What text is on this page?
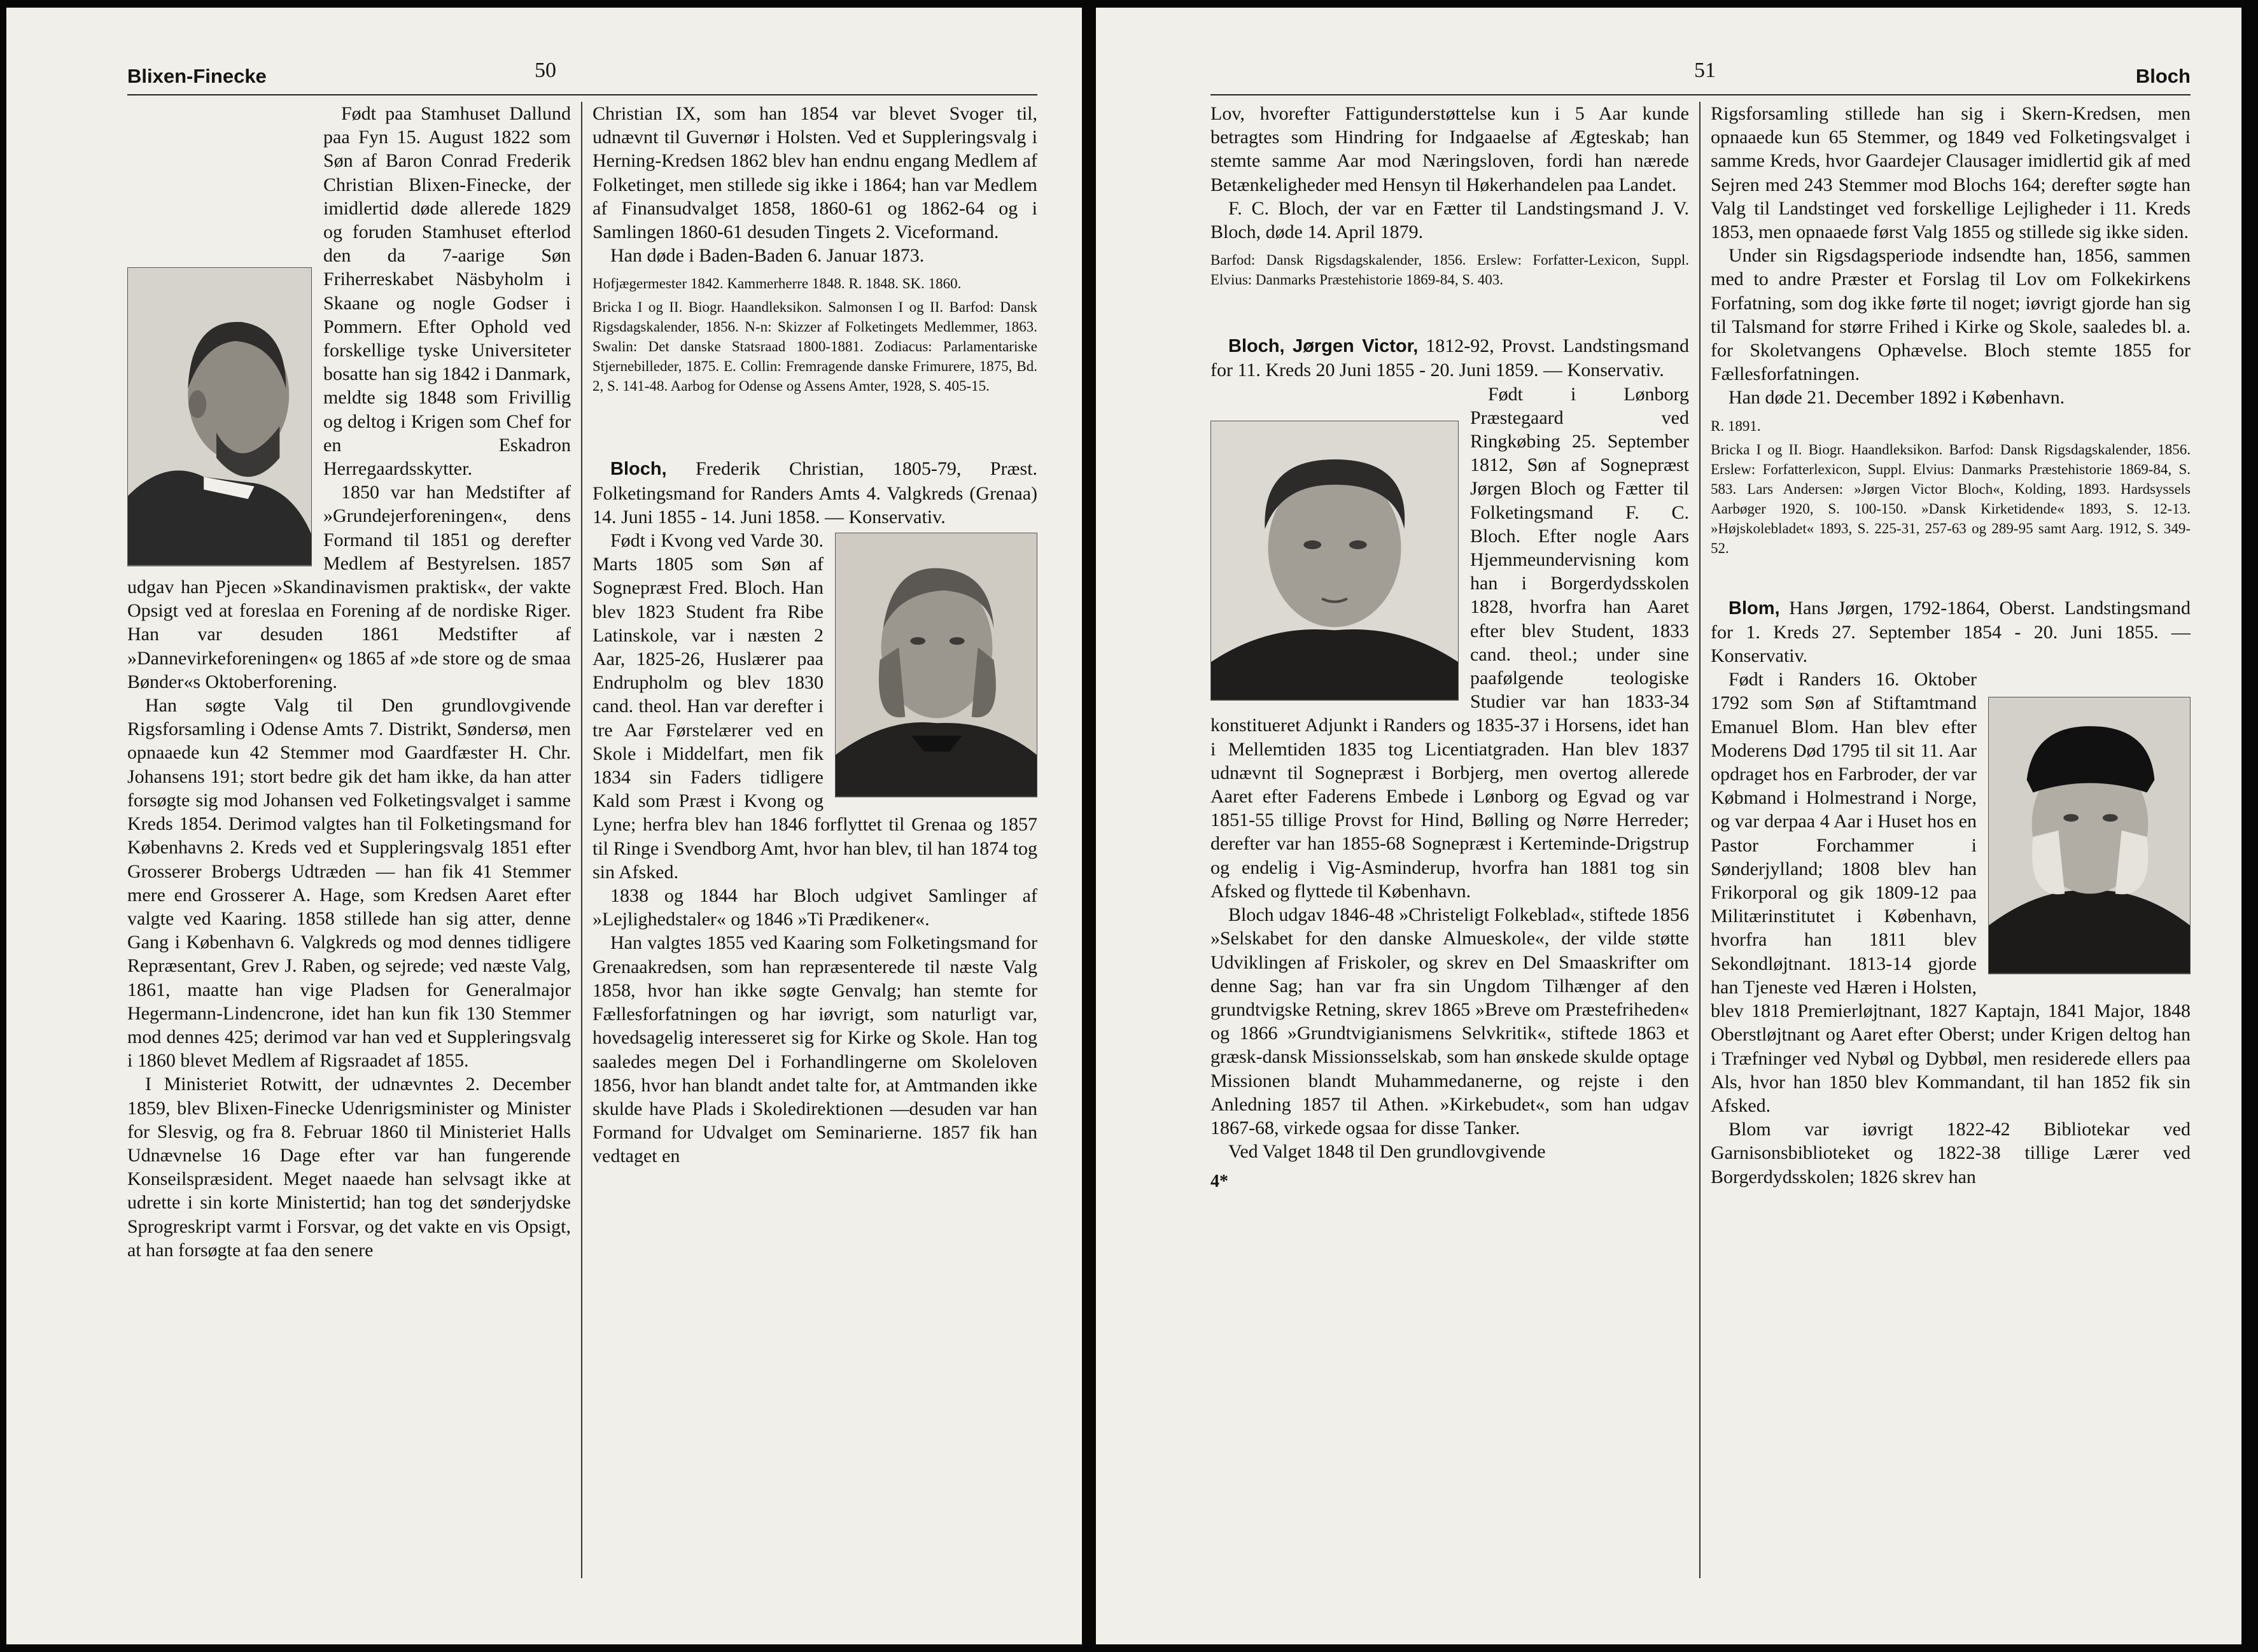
Blixen-Finecke	50

Født paa Stamhuset Dallund paa Fyn 15. August 1822 som Søn af Baron Conrad Frederik Christian Blixen-Finecke, der imidlertid døde allerede 1829 og foruden Stamhuset efterlod den da 7-aarige Søn Friherreskabet Näsbyholm i Skaane og nogle Godser i Pommern. Efter Ophold ved forskellige tyske Universiteter bosatte han sig 1842 i Danmark, meldte sig 1848 som Frivillig og deltog i Krigen som Chef for en Eskadron Herregaardsskytter.

1850 var han Medstifter af »Grundejerforeningen«, dens Formand til 1851 og derefter Medlem af Bestyrelsen. 1857 udgav han Pjecen »Skandinavismen praktisk«, der vakte Opsigt ved at foreslaa en Forening af de nordiske Riger. Han var desuden 1861 Medstifter af »Dannevirkeforeningen« og 1865 af »de store og de smaa Bønder«s Oktoberforening.

Han søgte Valg til Den grundlovgivende Rigsforsamling i Odense Amts 7. Distrikt, Søndersø, men opnaaede kun 42 Stemmer mod Gaardfæster H. Chr. Johansens 191; stort bedre gik det ham ikke, da han atter forsøgte sig mod Johansen ved Folketingsvalget i samme Kreds 1854. Derimod valgtes han til Folketingsmand for Københavns 2. Kreds ved et Suppleringsvalg 1851 efter Grosserer Brobergs Udtræden — han fik 41 Stemmer mere end Grosserer A. Hage, som Kredsen Aaret efter valgte ved Kaaring. 1858 stillede han sig atter, denne Gang i København 6. Valgkreds og mod dennes tidligere Repræsentant, Grev J. Raben, og sejrede; ved næste Valg, 1861, maatte han vige Pladsen for Generalmajor Hegermann-Lindencrone, idet han kun fik 130 Stemmer mod dennes 425; derimod var han ved et Suppleringsvalg i 1860 blevet Medlem af Rigsraadet af 1855.

I Ministeriet Rotwitt, der udnævntes 2. December 1859, blev Blixen-Finecke Udenrigsminister og Minister for Slesvig, og fra 8. Februar 1860 til Ministeriet Halls Udnævnelse 16 Dage efter var han fungerende Konseilspræsident. Meget naaede han selvsagt ikke at udrette i sin korte Ministertid; han tog det sønderjydske Sprogreskript varmt i Forsvar, og det vakte en vis Opsigt, at han forsøgte at faa den senere

Christian IX, som han 1854 var blevet Svoger til, udnævnt til Guvernør i Holsten. Ved et Suppleringsvalg i Herning-Kredsen 1862 blev han endnu engang Medlem af Folketinget, men stillede sig ikke i 1864; han var Medlem af Finansudvalget 1858, 1860-61 og 1862-64 og i Samlingen 1860-61 desuden Tingets 2. Viceformand.

Han døde i Baden-Baden 6. Januar 1873.

Hofjægermester 1842. Kammerherre 1848. R. 1848. SK. 1860.

Bricka I og II. Biogr. Haandleksikon. Salmonsen I og II. Barfod: Dansk Rigsdagskalender, 1856. N-n: Skizzer af Folketingets Medlemmer, 1863. Swalin: Det danske Statsraad 1800-1881. Zodiacus: Parlamentariske Stjernebilleder, 1875. E. Collin: Fremragende danske Frimurere, 1875, Bd. 2, S. 141-48. Aarbog for Odense og Assens Amter, 1928, S. 405-15.

Bloch, Frederik Christian, 1805-79, Præst. Folketingsmand for Randers Amts 4. Valgkreds (Grenaa) 14. Juni 1855 - 14. Juni 1858. — Konservativ.

Født i Kvong ved Varde 30. Marts 1805 som Søn af Sognepræst Fred. Bloch. Han blev 1823 Student fra Ribe Latinskole, var i næsten 2 Aar, 1825-26, Huslærer paa Endrupholm og blev 1830 cand. theol. Han var derefter i tre Aar Førstelærer ved en Skole i Middelfart, men fik 1834 sin Faders tidligere Kald som Præst i Kvong og Lyne; herfra blev han 1846 forflyttet til Grenaa og 1857 til Ringe i Svendborg Amt, hvor han blev, til han 1874 tog sin Afsked.

1838 og 1844 har Bloch udgivet Samlinger af »Lejlighedstaler« og 1846 »Ti Prædikener«.

Han valgtes 1855 ved Kaaring som Folketingsmand for Grenaakredsen, som han repræsenterede til næste Valg 1858, hvor han ikke søgte Genvalg; han stemte for Fællesforfatningen og har iøvrigt, som naturligt var, hovedsagelig interesseret sig for Kirke og Skole. Han tog saaledes megen Del i Forhandlingerne om Skoleloven 1856, hvor han blandt andet talte for, at Amtmanden ikke skulde have Plads i Skoledirektionen —desuden var han Formand for Udvalget om Seminarierne. 1857 fik han vedtaget en

51	Bloch

Lov, hvorefter Fattigunderstøttelse kun i 5 Aar kunde betragtes som Hindring for Indgaaelse af Ægteskab; han stemte samme Aar mod Næringsloven, fordi han nærede Betænkeligheder med Hensyn til Høkerhandelen paa Landet.

F. C. Bloch, der var en Fætter til Landstingsmand J. V. Bloch, døde 14. April 1879.

Barfod: Dansk Rigsdagskalender, 1856. Erslew: Forfatter-Lexicon, Suppl. Elvius: Danmarks Præstehistorie 1869-84, S. 403.

Bloch, Jørgen Victor, 1812-92, Provst. Landstingsmand for 11. Kreds 20 Juni 1855 - 20. Juni 1859. — Konservativ.

Født i Lønborg Præstegaard ved Ringkøbing 25. September 1812, Søn af Sognepræst Jørgen Bloch og Fætter til Folketingsmand F. C. Bloch. Efter nogle Aars Hjemmeundervisning kom han i Borgerdydsskolen 1828, hvorfra han Aaret efter blev Student, 1833 cand. theol.; under sine paafølgende teologiske Studier var han 1833-34 konstitueret Adjunkt i Randers og 1835-37 i Horsens, idet han i Mellemtiden 1835 tog Licentiatgraden. Han blev 1837 udnævnt til Sognepræst i Borbjerg, men overtog allerede Aaret efter Faderens Embede i Lønborg og Egvad og var 1851-55 tillige Provst for Hind, Bølling og Nørre Herreder; derefter var han 1855-68 Sognepræst i Kerteminde-Drigstrup og endelig i Vig-Asminderup, hvorfra han 1881 tog sin Afsked og flyttede til København.

Bloch udgav 1846-48 »Christeligt Folkeblad«, stiftede 1856 »Selskabet for den danske Almueskole«, der vilde støtte Udviklingen af Friskoler, og skrev en Del Smaaskrifter om denne Sag; han var fra sin Ungdom Tilhænger af den grundtvigske Retning, skrev 1865 »Breve om Præstefriheden« og 1866 »Grundtvigianismens Selvkritik«, stiftede 1863 et græsk-dansk Missionsselskab, som han ønskede skulde optage Missionen blandt Muhammedanerne, og rejste i den Anledning 1857 til Athen. »Kirkebudet«, som han udgav 1867-68, virkede ogsaa for disse Tanker.

Ved Valget 1848 til Den grundlovgivende

4*

Rigsforsamling stillede han sig i Skern-Kredsen, men opnaaede kun 65 Stemmer, og 1849 ved Folketingsvalget i samme Kreds, hvor Gaardejer Clausager imidlertid gik af med Sejren med 243 Stemmer mod Blochs 164; derefter søgte han Valg til Landstinget ved forskellige Lejligheder i 11. Kreds 1853, men opnaaede først Valg 1855 og stillede sig ikke siden.

Under sin Rigsdagsperiode indsendte han, 1856, sammen med to andre Præster et Forslag til Lov om Folkekirkens Forfatning, som dog ikke førte til noget; iøvrigt gjorde han sig til Talsmand for større Frihed i Kirke og Skole, saaledes bl. a. for Skoletvangens Ophævelse. Bloch stemte 1855 for Fællesforfatningen.

Han døde 21. December 1892 i København.

R. 1891.

Bricka I og II. Biogr. Haandleksikon. Barfod: Dansk Rigsdagskalender, 1856. Erslew: Forfatterlexicon, Suppl. Elvius: Danmarks Præstehistorie 1869-84, S. 583. Lars Andersen: »Jørgen Victor Bloch«, Kolding, 1893. Hardsyssels Aarbøger 1920, S. 100-150. »Dansk Kirketidende« 1893, S. 12-13. »Højskolebladet« 1893, S. 225-31, 257-63 og 289-95 samt Aarg. 1912, S. 349-52.

Blom, Hans Jørgen, 1792-1864, Oberst. Landstingsmand for 1. Kreds 27. September 1854 - 20. Juni 1855. — Konservativ.

Født i Randers 16. Oktober 1792 som Søn af Stiftamtmand Emanuel Blom. Han blev efter Moderens Død 1795 til sit 11. Aar opdraget hos en Farbroder, der var Købmand i Holmestrand i Norge, og var derpaa 4 Aar i Huset hos en Pastor Forchammer i Sønderjylland; 1808 blev han Frikorporal og gik 1809-12 paa Militærinstitutet i København, hvorfra han 1811 blev Sekondløjtnant. 1813-14 gjorde han Tjeneste ved Hæren i Holsten, blev 1818 Premierløjtnant, 1827 Kaptajn, 1841 Major, 1848 Oberstløjtnant og Aaret efter Oberst; under Krigen deltog han i Træfninger ved Nybøl og Dybbøl, men residerede ellers paa Als, hvor han 1850 blev Kommandant, til han 1852 fik sin Afsked.

Blom var iøvrigt 1822-42 Bibliotekar ved Garnisonsbiblioteket og 1822-38 tillige Lærer ved Borgerdydsskolen; 1826 skrev han
